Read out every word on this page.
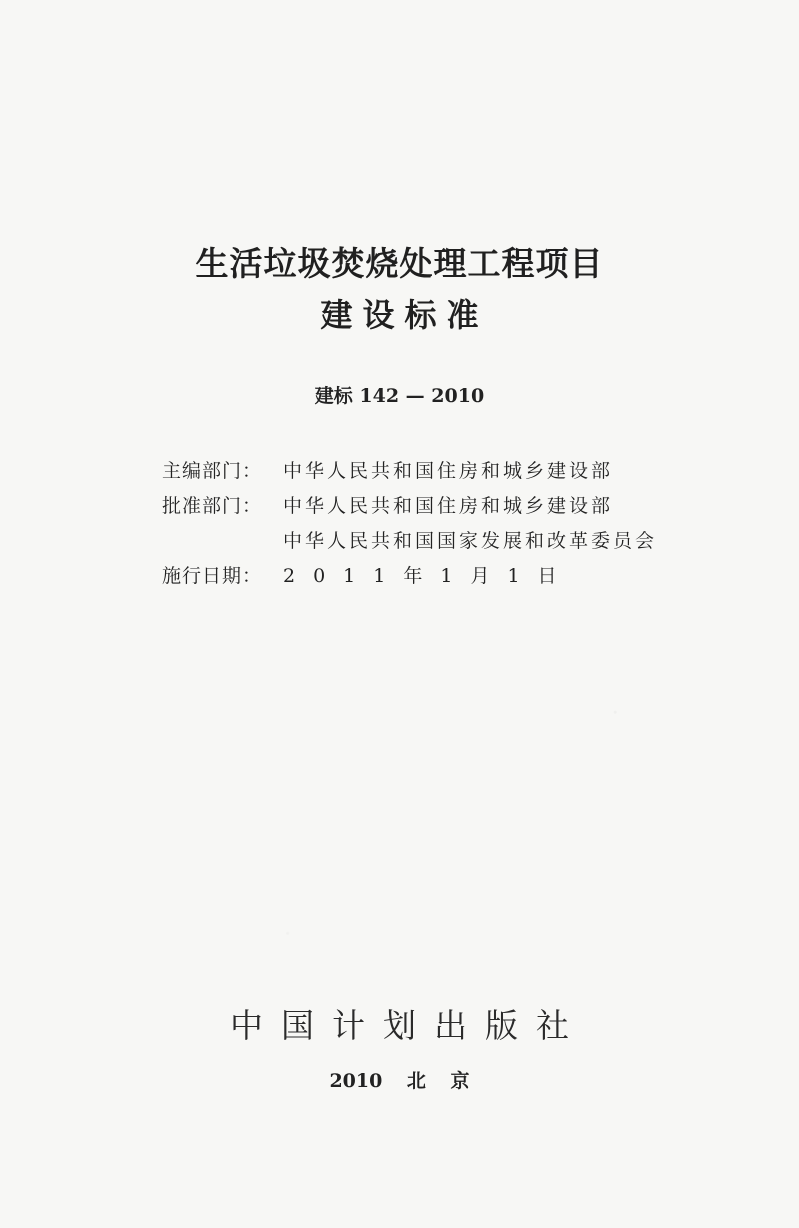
生活垃圾焚烧处理工程项目
建设标准
建标 142 — 2010
主编部门：	中华人民共和国住房和城乡建设部
批准部门：	中华人民共和国住房和城乡建设部
中华人民共和国国家发展和改革委员会
施行日期：	2011年1月1日
中国计划出版社
2010 北 京
